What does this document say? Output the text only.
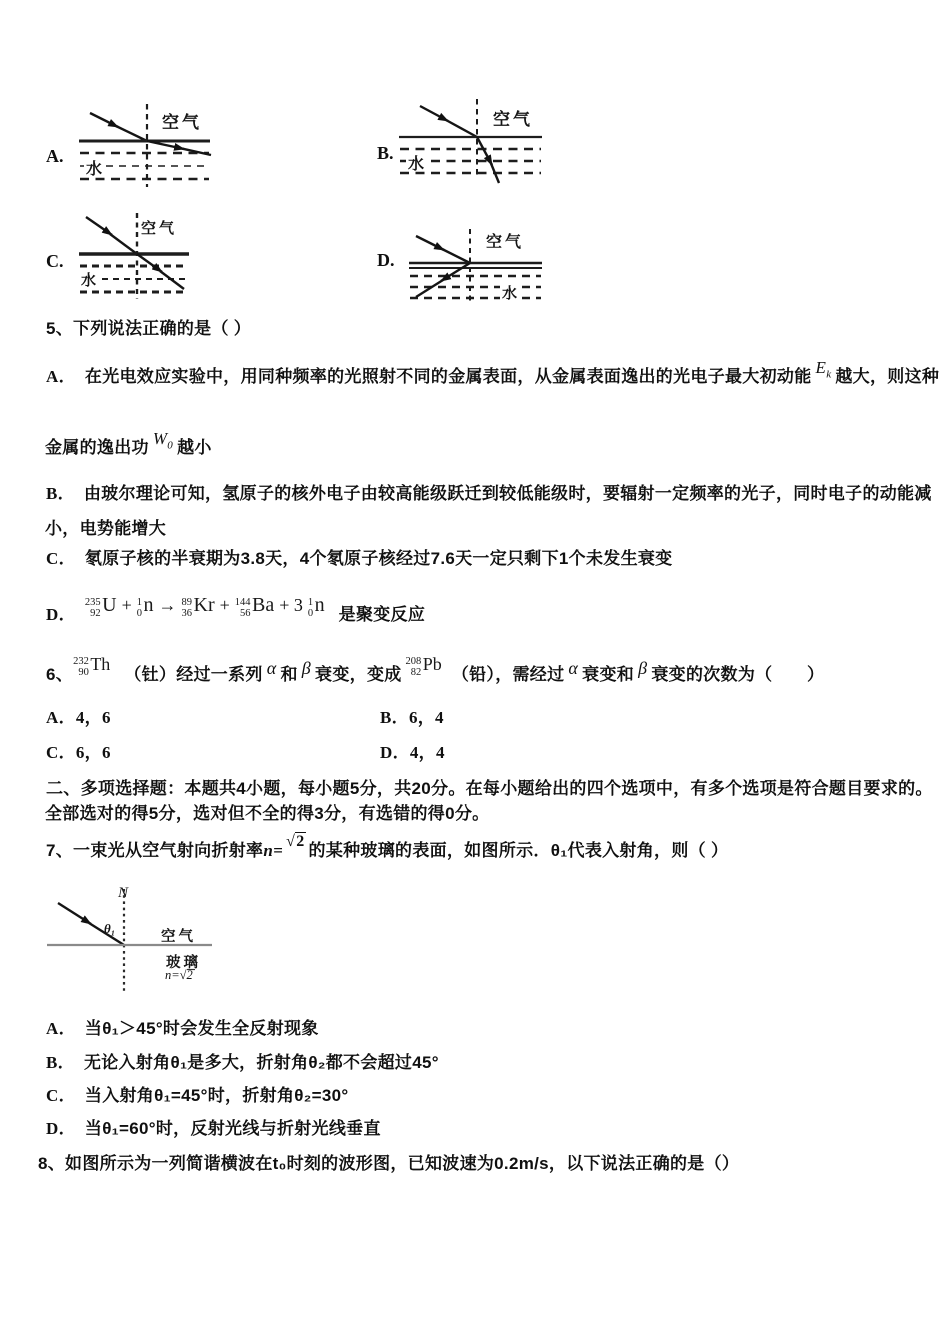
A.
空气
水
B.
空气
水
C.
空气
水
D.
空气
水
5、下列说法正确的是（ ）
A． 在光电效应实验中，用同种频率的光照射不同的金属表面，从金属表面逸出的光电子最大初动能 $E_k$ 越大，则这种
金属的逸出功 $W_0$ 越小
B． 由玻尔理论可知，氢原子的核外电子由较高能级跃迁到较低能级时，要辐射一定频率的光子，同时电子的动能减
小，电势能增大
C． 氡原子核的半衰期为3.8天，4个氡原子核经过7.6天一定只剩下1个未发生衰变
D．
235
92 U + 1
0 n → 89
36 Kr + 144
56 Ba + 3 1
0 n 是聚变反应
6、
232
90 Th（钍）经过一系列 α 和 β 衰变，变成
208
82 Pb（铅），需经过 α 衰变和 β 衰变的次数为（　　）
A．4，6	B．6，4
C．6，6	D．4，4
二、多项选择题：本题共4小题，每小题5分，共20分。在每小题给出的四个选项中，有多个选项是符合题目要求的。
全部选对的得5分，选对但不全的得3分，有选错的得0分。
7、一束光从空气射向折射率n= √2 的某种玻璃的表面，如图所示．θ₁代表入射角，则（ ）
N
θ₁
空气
玻璃
n=√2
A． 当θ₁＞45°时会发生全反射现象
B． 无论入射角θ₁是多大，折射角θ₂都不会超过45°
C． 当入射角θ₁=45°时，折射角θ₂=30°
D． 当θ₁=60°时，反射光线与折射光线垂直
8、如图所示为一列简谐横波在t₀时刻的波形图，已知波速为0.2m/s，以下说法正确的是（）
